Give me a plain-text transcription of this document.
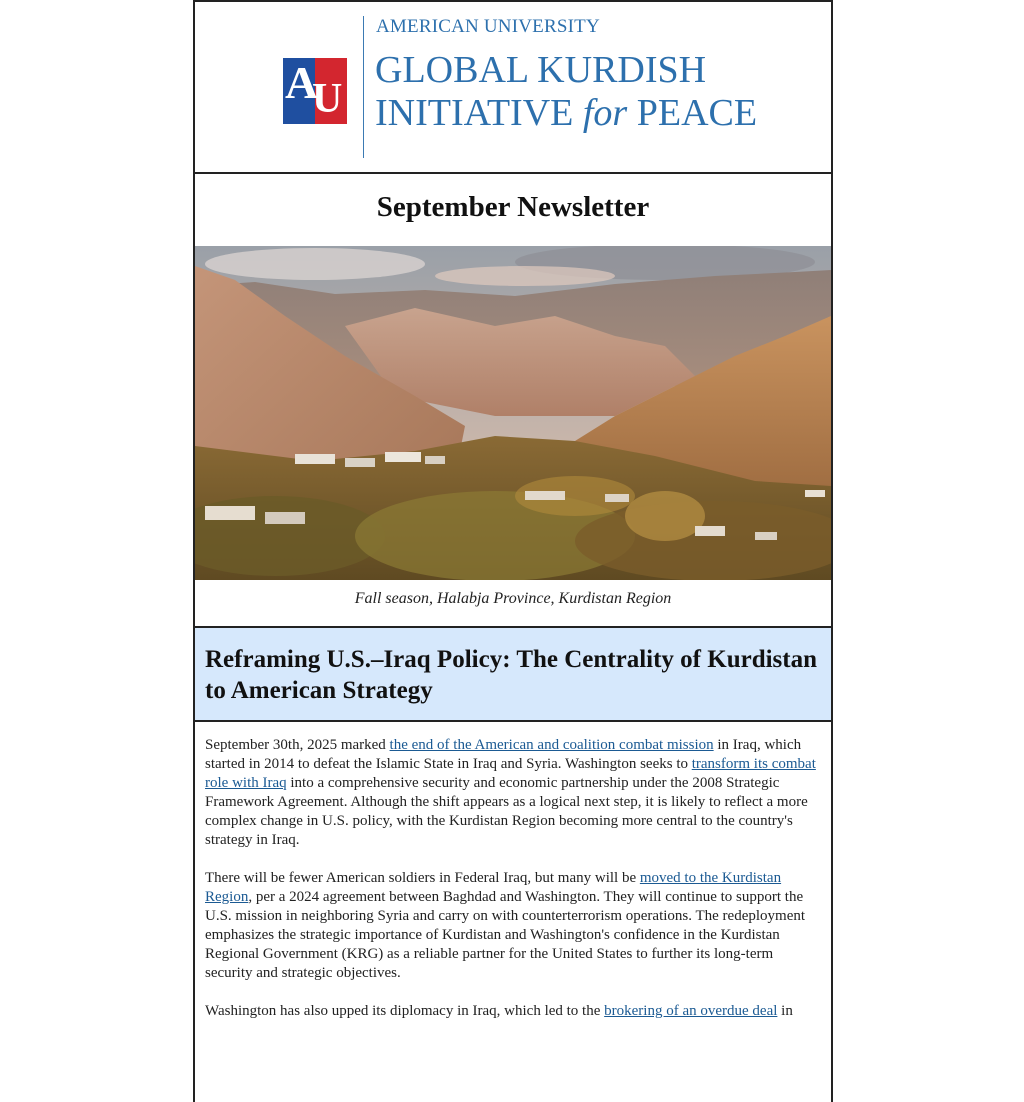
A
U
AMERICAN UNIVERSITY
GLOBAL KURDISH
INITIATIVE for PEACE
September Newsletter
Fall season, Halabja Province, Kurdistan Region
Reframing U.S.–Iraq Policy: The Centrality of Kurdistan to American Strategy

September 30th, 2025 marked the end of the American and coalition combat mission in Iraq, which started in 2014 to defeat the Islamic State in Iraq and Syria. Washington seeks to transform its combat role with Iraq into a comprehensive security and economic partnership under the 2008 Strategic Framework Agreement. Although the shift appears as a logical next step, it is likely to reflect a more complex change in U.S. policy, with the Kurdistan Region becoming more central to the country's strategy in Iraq.

There will be fewer American soldiers in Federal Iraq, but many will be moved to the Kurdistan Region, per a 2024 agreement between Baghdad and Washington. They will continue to support the U.S. mission in neighboring Syria and carry on with counterterrorism operations. The redeployment emphasizes the strategic importance of Kurdistan and Washington's confidence in the Kurdistan Regional Government (KRG) as a reliable partner for the United States to further its long-term security and strategic objectives.

Washington has also upped its diplomacy in Iraq, which led to the brokering of an overdue deal in
